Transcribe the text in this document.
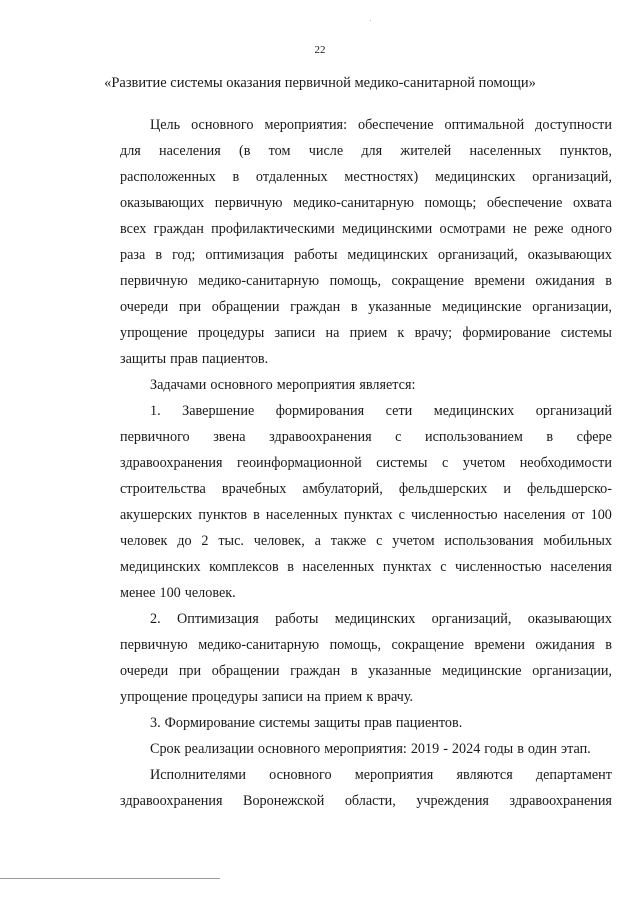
22
«Развитие системы оказания первичной медико-санитарной помощи»
Цель основного мероприятия: обеспечение оптимальной доступности
для населения (в том числе для жителей населенных пунктов,
расположенных в отдаленных местностях) медицинских организаций,
оказывающих первичную медико-санитарную помощь; обеспечение охвата
всех граждан профилактическими медицинскими осмотрами не реже одного
раза в год; оптимизация работы медицинских организаций, оказывающих
первичную медико-санитарную помощь, сокращение времени ожидания в
очереди при обращении граждан в указанные медицинские организации,
упрощение процедуры записи на прием к врачу; формирование системы
защиты прав пациентов.
Задачами основного мероприятия является:
1. Завершение формирования сети медицинских организаций
первичного звена здравоохранения с использованием в сфере
здравоохранения геоинформационной системы с учетом необходимости
строительства врачебных амбулаторий, фельдшерских и фельдшерско-
акушерских пунктов в населенных пунктах с численностью населения от 100
человек до 2 тыс. человек, а также с учетом использования мобильных
медицинских комплексов в населенных пунктах с численностью населения
менее 100 человек.
2. Оптимизация работы медицинских организаций, оказывающих
первичную медико-санитарную помощь, сокращение времени ожидания в
очереди при обращении граждан в указанные медицинские организации,
упрощение процедуры записи на прием к врачу.
3. Формирование системы защиты прав пациентов.
Срок реализации основного мероприятия: 2019 - 2024 годы в один этап.
Исполнителями основного мероприятия являются департамент
здравоохранения Воронежской области, учреждения здравоохранения
